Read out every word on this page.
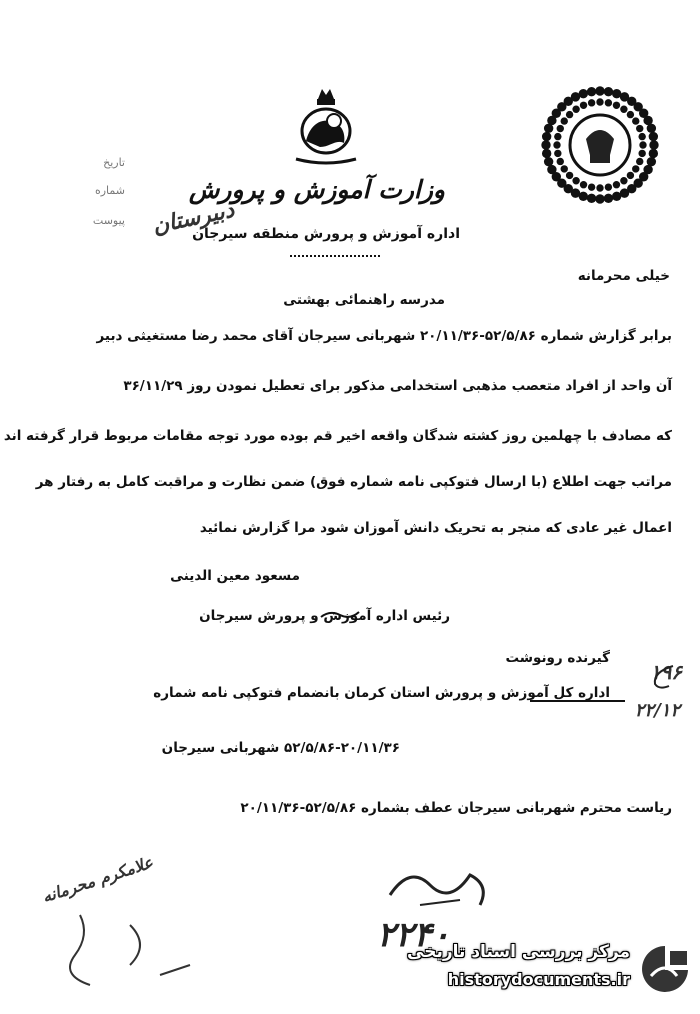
تاریخ
شماره
پیوست دبیرستان
وزارت آموزش و پرورش
اداره آموزش و پرورش منطقه سیرجان
خیلی محرمانه
مدرسه راهنمائی بهشتی
برابر گزارش شماره ۵۲/۵/۸۶-۲۰/۱۱/۳۶ شهربانی سیرجان آقای محمد رضا مستغیثی دبیر
آن واحد از افراد متعصب مذهبی استخدامی مذکور برای تعطیل نمودن روز ۳۶/۱۱/۲۹
که مصادف با چهلمین روز کشته شدگان واقعه اخیر قم بوده مورد توجه مقامات مربوط قرار گرفته اند
مراتب جهت اطلاع (با ارسال فتوکپی نامه شماره فوق) ضمن نظارت و مراقبت کامل به رفتار هر
اعمال غیر عادی که منجر به تحریک دانش آموزان شود مرا گزارش نمائید
مسعود معین الدینی
رئیس اداره آموزش و پرورش سیرجان
گیرنده رونوشت
اداره کل آموزش و پرورش استان کرمان بانضمام فتوکپی نامه شماره
۵۲/۵/۸۶-۲۰/۱۱/۳۶ شهربانی سیرجان
ریاست محترم شهربانی سیرجان عطف بشماره ۵۲/۵/۸۶-۲۰/۱۱/۳۶
۱۹۶
۲۲/۱۲
۲۲۴۰
علامکرم محرمانه
مرکز بررسی اسناد تاریخی
historydocuments.ir
